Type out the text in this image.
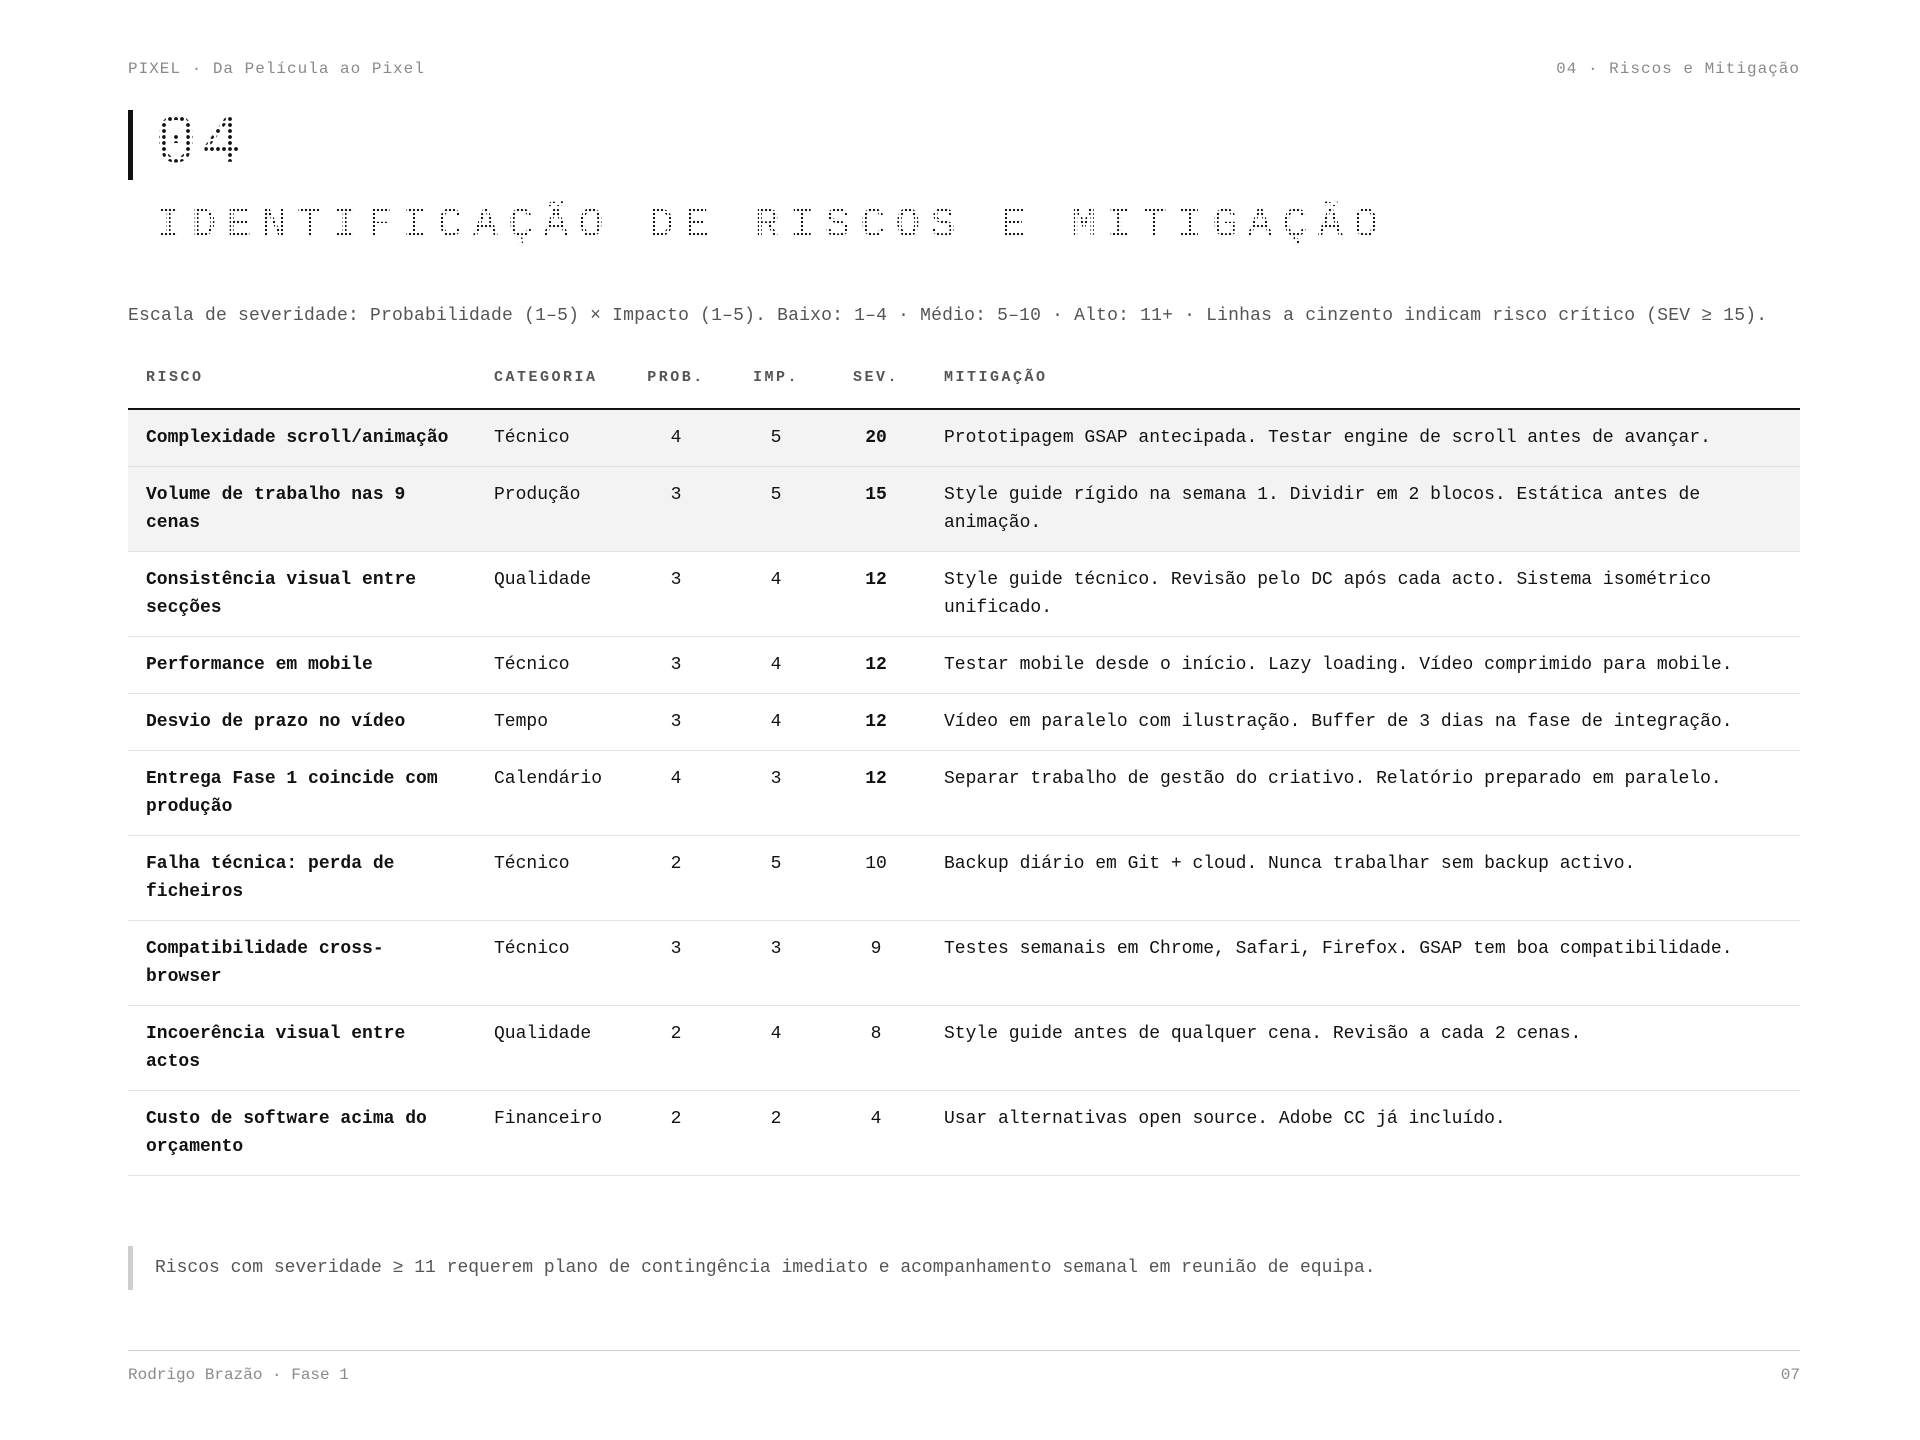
PIXEL · Da Película ao Pixel	04 · Riscos e Mitigação
04
IDENTIFICAÇÃO DE RISCOS E MITIGAÇÃO
Escala de severidade: Probabilidade (1–5) × Impacto (1–5). Baixo: 1–4 · Médio: 5–10 · Alto: 11+ · Linhas a cinzento indicam risco crítico (SEV ≥ 15).
RISCO	CATEGORIA	PROB.	IMP.	SEV.	MITIGAÇÃO
Complexidade scroll/animação	Técnico	4	5	20	Prototipagem GSAP antecipada. Testar engine de scroll antes de avançar.
Volume de trabalho nas 9 cenas	Produção	3	5	15	Style guide rígido na semana 1. Dividir em 2 blocos. Estática antes de animação.
Consistência visual entre secções	Qualidade	3	4	12	Style guide técnico. Revisão pelo DC após cada acto. Sistema isométrico unificado.
Performance em mobile	Técnico	3	4	12	Testar mobile desde o início. Lazy loading. Vídeo comprimido para mobile.
Desvio de prazo no vídeo	Tempo	3	4	12	Vídeo em paralelo com ilustração. Buffer de 3 dias na fase de integração.
Entrega Fase 1 coincide com produção	Calendário	4	3	12	Separar trabalho de gestão do criativo. Relatório preparado em paralelo.
Falha técnica: perda de ficheiros	Técnico	2	5	10	Backup diário em Git + cloud. Nunca trabalhar sem backup activo.
Compatibilidade cross-browser	Técnico	3	3	9	Testes semanais em Chrome, Safari, Firefox. GSAP tem boa compatibilidade.
Incoerência visual entre actos	Qualidade	2	4	8	Style guide antes de qualquer cena. Revisão a cada 2 cenas.
Custo de software acima do orçamento	Financeiro	2	2	4	Usar alternativas open source. Adobe CC já incluído.
Riscos com severidade ≥ 11 requerem plano de contingência imediato e acompanhamento semanal em reunião de equipa.
Rodrigo Brazão · Fase 1	07
